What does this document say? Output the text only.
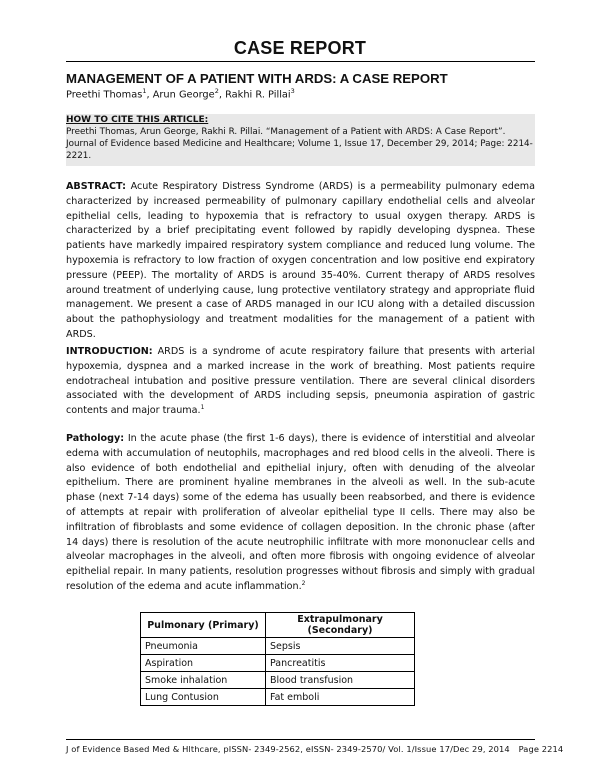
CASE REPORT
MANAGEMENT OF A PATIENT WITH ARDS: A CASE REPORT
Preethi Thomas$^1$, Arun George$^2$, Rakhi R. Pillai$^3$
HOW TO CITE THIS ARTICLE:
Preethi Thomas, Arun George, Rakhi R. Pillai. “Management of a Patient with ARDS: A Case Report”. Journal of Evidence based Medicine and Healthcare; Volume 1, Issue 17, December 29, 2014; Page: 2214-2221.
ABSTRACT: Acute Respiratory Distress Syndrome (ARDS) is a permeability pulmonary edema characterized by increased permeability of pulmonary capillary endothelial cells and alveolar epithelial cells, leading to hypoxemia that is refractory to usual oxygen therapy. ARDS is characterized by a brief precipitating event followed by rapidly developing dyspnea. These patients have markedly impaired respiratory system compliance and reduced lung volume. The hypoxemia is refractory to low fraction of oxygen concentration and low positive end expiratory pressure (PEEP). The mortality of ARDS is around 35-40%. Current therapy of ARDS resolves around treatment of underlying cause, lung protective ventilatory strategy and appropriate fluid management. We present a case of ARDS managed in our ICU along with a detailed discussion about the pathophysiology and treatment modalities for the management of a patient with ARDS.
INTRODUCTION: ARDS is a syndrome of acute respiratory failure that presents with arterial hypoxemia, dyspnea and a marked increase in the work of breathing. Most patients require endotracheal intubation and positive pressure ventilation. There are several clinical disorders associated with the development of ARDS including sepsis, pneumonia aspiration of gastric contents and major trauma.$^1$
Pathology: In the acute phase (the first 1-6 days), there is evidence of interstitial and alveolar edema with accumulation of neutophils, macrophages and red blood cells in the alveoli. There is also evidence of both endothelial and epithelial injury, often with denuding of the alveolar epithelium. There are prominent hyaline membranes in the alveoli as well. In the sub-acute phase (next 7-14 days) some of the edema has usually been reabsorbed, and there is evidence of attempts at repair with proliferation of alveolar epithelial type II cells. There may also be infiltration of fibroblasts and some evidence of collagen deposition. In the chronic phase (after 14 days) there is resolution of the acute neutrophilic infiltrate with more mononuclear cells and alveolar macrophages in the alveoli, and often more fibrosis with ongoing evidence of alveolar epithelial repair. In many patients, resolution progresses without fibrosis and simply with gradual resolution of the edema and acute inflammation.$^2$
Pulmonary (Primary)	Extrapulmonary (Secondary)
Pneumonia	Sepsis
Aspiration	Pancreatitis
Smoke inhalation	Blood transfusion
Lung Contusion	Fat emboli
J of Evidence Based Med & Hlthcare, pISSN- 2349-2562, eISSN- 2349-2570/ Vol. 1/Issue 17/Dec 29, 2014 Page 2214
